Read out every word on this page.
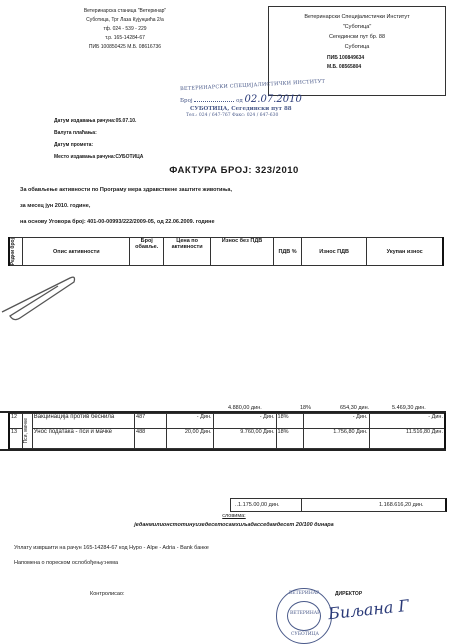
Ветеринарска станица "Ветеринар"
Суботица, Трг Лаза Кујунџића 2/а
тф. 024 - 539 - 229
т.р. 165-14284-67
ПИБ 100850425 М.Б. 08616736
Ветеринарски Специјалистички Институт
"Суботица"
Сегедински пут бр. 88
Суботица
ПИБ 100849634
М.Б. 08565804
ВЕТЕРИНАРСКИ СПЕЦИЈАЛИСТИЧКИ ИНСТИТУТ
Број	од 02.07.2010
СУБОТИЦА, Сегедински пут 88
Тел.: 024 / 647-767 Факс: 024 / 647-630
Датум издавања рачуна:05.07.10.
Валута плаћања:
Датум промета:
Место издавања рачуна:СУБОТИЦА
ФАКТУРА БРОЈ: 323/2010
За обављење активности по Програму мера здравствене заштите животиња,
за месец јун 2010. године,
на основу Уговора број: 401-00-00993/222/2009-05, од 22.06.2009. године
Редни број	Опис активности	Број обавље.	Цена по активности	Износ без ПДВ	ПДВ %	Износ ПДВ	Укупан износ
4.880,00 дин.	18%	654,30 дин.	5.469,30 дин.
12	Пси, мачке	Вакцинација против беснила	487	- Дин.	- Дин.	18%	- Дин.	- Дин.
13		Унос података - пси и мачке	488	20,00 Дин.	9.760,00 Дин.	18%	1.756,80 Дин.	11.516,80 Дин.
..1.175.00,00 дин.	1.168.616,20 дин.
словима:
једанмилионстотинуизедесетосамхиљадасседамдесет 20/100 динара
Уплату извршити на рачун 165-14284-67 код Нуро - Alpe - Adria - Bank банке
Напомена о пореском ослобођењу:нема
Контролисао:	ДИРЕКТОР
ВЕТЕРИНАР
ВЕТЕРИНАР
СУБОТИЦА
Биљана Г
